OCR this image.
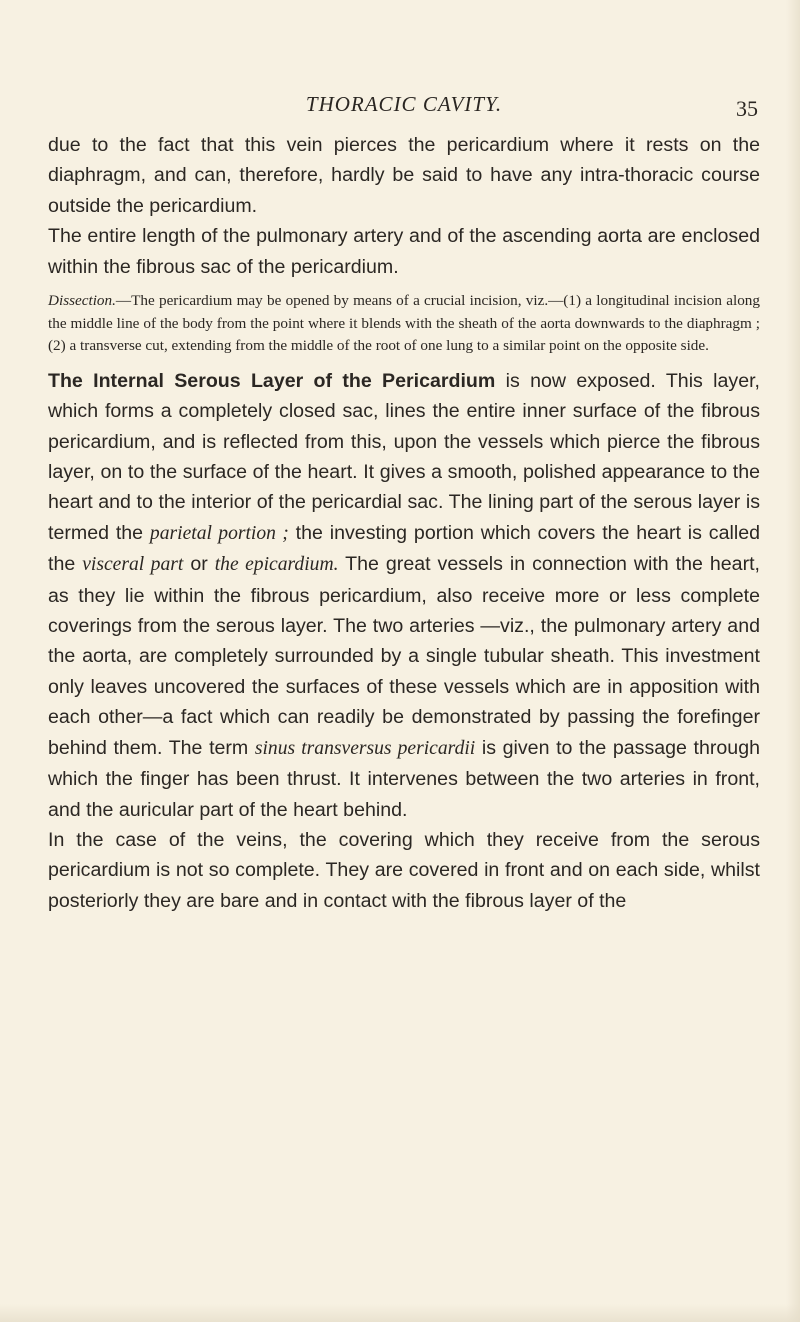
THORACIC CAVITY.	35

due to the fact that this vein pierces the pericardium where it rests on the diaphragm, and can, therefore, hardly be said to have any intra-thoracic course outside the pericardium.

The entire length of the pulmonary artery and of the ascending aorta are enclosed within the fibrous sac of the pericardium.

Dissection.—The pericardium may be opened by means of a crucial incision, viz.—(1) a longitudinal incision along the middle line of the body from the point where it blends with the sheath of the aorta downwards to the diaphragm ; (2) a transverse cut, extending from the middle of the root of one lung to a similar point on the opposite side.

The Internal Serous Layer of the Pericardium is now exposed. This layer, which forms a completely closed sac, lines the entire inner surface of the fibrous pericardium, and is reflected from this, upon the vessels which pierce the fibrous layer, on to the surface of the heart. It gives a smooth, polished appearance to the heart and to the interior of the pericardial sac. The lining part of the serous layer is termed the parietal portion ; the investing portion which covers the heart is called the visceral part or the epicardium. The great vessels in connection with the heart, as they lie within the fibrous pericardium, also receive more or less complete coverings from the serous layer. The two arteries —viz., the pulmonary artery and the aorta, are completely surrounded by a single tubular sheath. This investment only leaves uncovered the surfaces of these vessels which are in apposition with each other—a fact which can readily be demonstrated by passing the forefinger behind them. The term sinus transversus pericardii is given to the passage through which the finger has been thrust. It intervenes between the two arteries in front, and the auricular part of the heart behind.

In the case of the veins, the covering which they receive from the serous pericardium is not so complete. They are covered in front and on each side, whilst posteriorly they are bare and in contact with the fibrous layer of the
